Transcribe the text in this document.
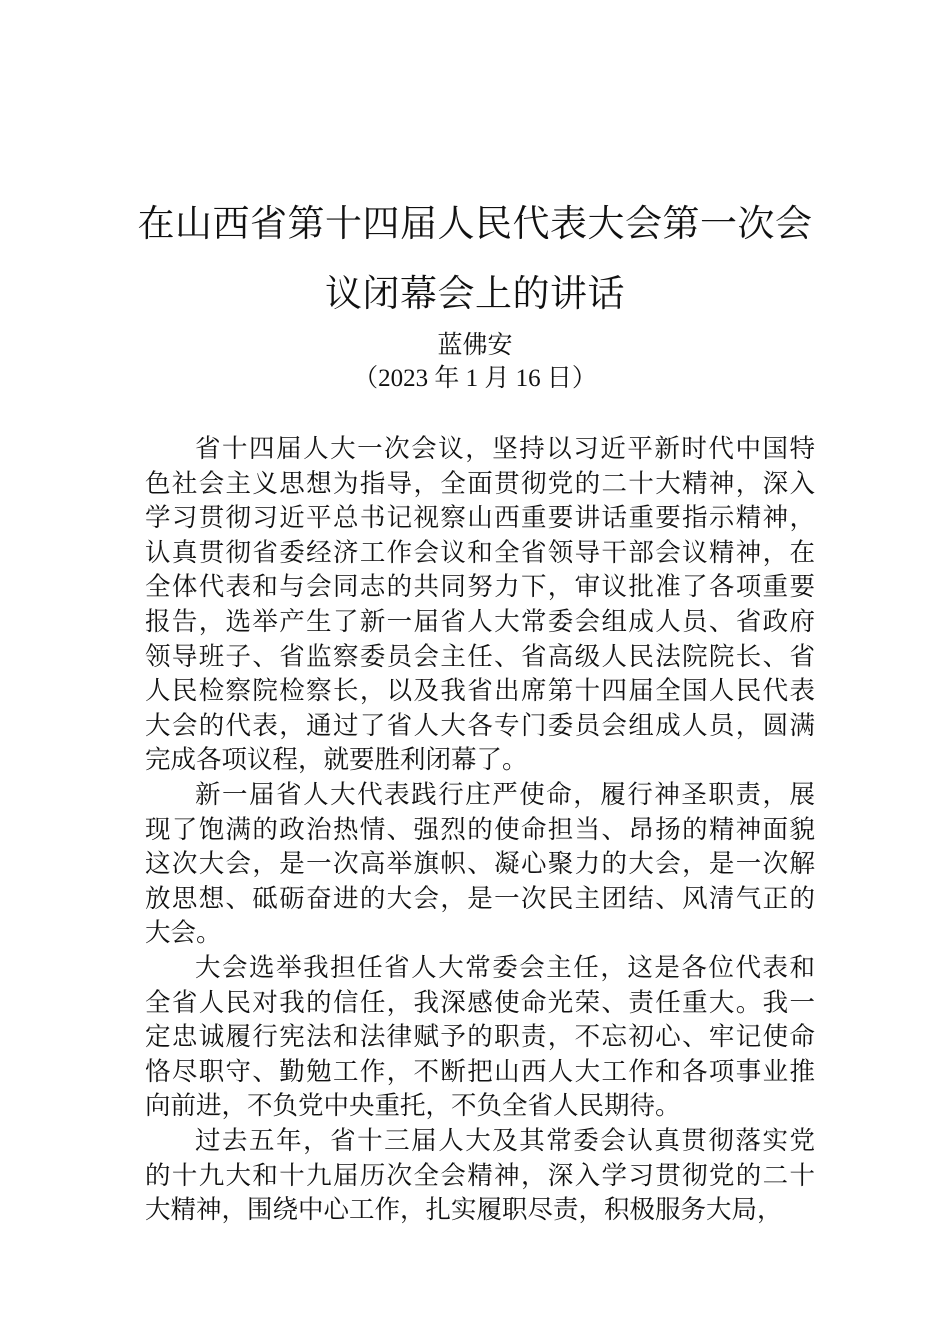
在山西省第十四届人民代表大会第一次会
议闭幕会上的讲话
蓝佛安
（2023 年 1 月 16 日）
省十四届人大一次会议，坚持以习近平新时代中国特
色社会主义思想为指导，全面贯彻党的二十大精神，深入
学习贯彻习近平总书记视察山西重要讲话重要指示精神，
认真贯彻省委经济工作会议和全省领导干部会议精神，在
全体代表和与会同志的共同努力下，审议批准了各项重要
报告，选举产生了新一届省人大常委会组成人员、省政府
领导班子、省监察委员会主任、省高级人民法院院长、省
人民检察院检察长，以及我省出席第十四届全国人民代表
大会的代表，通过了省人大各专门委员会组成人员，圆满
完成各项议程，就要胜利闭幕了。
新一届省人大代表践行庄严使命，履行神圣职责，展
现了饱满的政治热情、强烈的使命担当、昂扬的精神面貌
这次大会，是一次高举旗帜、凝心聚力的大会，是一次解
放思想、砥砺奋进的大会，是一次民主团结、风清气正的
大会。
大会选举我担任省人大常委会主任，这是各位代表和
全省人民对我的信任，我深感使命光荣、责任重大。我一
定忠诚履行宪法和法律赋予的职责，不忘初心、牢记使命
恪尽职守、勤勉工作，不断把山西人大工作和各项事业推
向前进，不负党中央重托，不负全省人民期待。
过去五年，省十三届人大及其常委会认真贯彻落实党
的十九大和十九届历次全会精神，深入学习贯彻党的二十
大精神，围绕中心工作，扎实履职尽责，积极服务大局，
